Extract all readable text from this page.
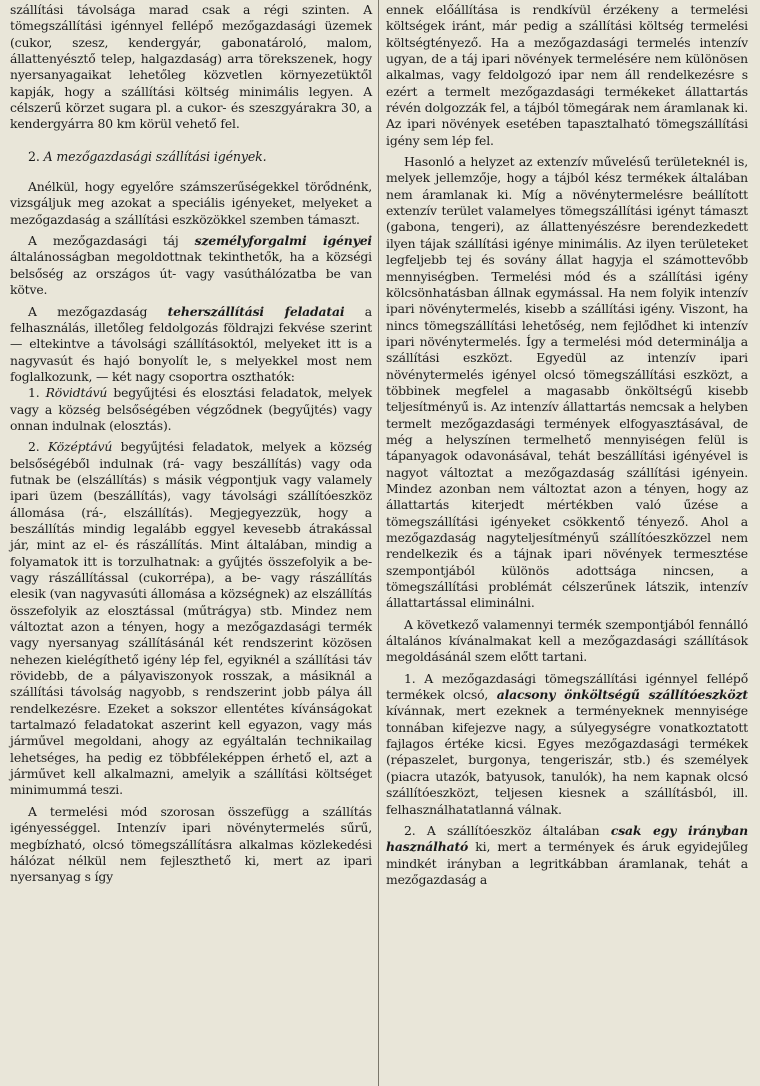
szállítási távolsága marad csak a régi szinten. A tömegszállítási igénnyel fellépő mezőgazdasági üzemek (cukor, szesz, kendergyár, gabonatároló, malom, állattenyésztő telep, halgazdaság) arra törekszenek, hogy nyersanyagaikat lehetőleg közvetlen környezetüktől kapják, hogy a szállítási költség minimális legyen. A célszerű körzet sugara pl. a cukor- és szeszgyárakra 30, a kendergyárra 80 km körül vehető fel.

2. A mezőgazdasági szállítási igények.

Anélkül, hogy egyelőre számszerűségekkel törődnénk, vizsgáljuk meg azokat a speciális igényeket, melyeket a mezőgazdaság a szállítási eszközökkel szemben támaszt.

A mezőgazdasági táj személyforgalmi igényei általánosságban megoldottnak tekinthetők, ha a községi belsőség az országos út- vagy vasúthálózatba be van kötve.

A mezőgazdaság teherszállítási feladatai a felhasználás, illetőleg feldolgozás földrajzi fekvése szerint — eltekintve a távolsági szállításoktól, melyeket itt is a nagyvasút és hajó bonyolít le, s melyekkel most nem foglalkozunk, — két nagy csoportra oszthatók:

1. Rövidtávú begyűjtési és elosztási feladatok, melyek vagy a község belsőségében végződnek (begyűjtés) vagy onnan indulnak (elosztás).

2. Középtávú begyűjtési feladatok, melyek a község belsőségéből indulnak (rá- vagy beszállítás) vagy oda futnak be (elszállítás) s másik végpontjuk vagy valamely ipari üzem (beszállítás), vagy távolsági szállítóeszköz állomása (rá-, elszállítás). Megjegyezzük, hogy a beszállítás mindig legalább eggyel kevesebb átrakással jár, mint az el- és rászállítás. Mint általában, mindig a folyamatok itt is torzulhatnak: a gyűjtés összefolyik a be- vagy rászállítással (cukorrépa), a be- vagy rászállítás elesik (van nagyvasúti állomása a községnek) az elszállítás összefolyik az elosztással (műtrágya) stb. Mindez nem változtat azon a tényen, hogy a mezőgazdasági termék vagy nyersanyag szállításánál két rendszerint közösen nehezen kielégíthető igény lép fel, egyiknél a szállítási táv rövidebb, de a pályaviszonyok rosszak, a másiknál a szállítási távolság nagyobb, s rendszerint jobb pálya áll rendelkezésre. Ezeket a sokszor ellentétes kívánságokat tartalmazó feladatokat aszerint kell egyazon, vagy más járművel megoldani, ahogy az egyáltalán technikailag lehetséges, ha pedig ez többféleképpen érhető el, azt a járművet kell alkalmazni, amelyik a szállítási költséget minimummá teszi.

A termelési mód szorosan összefügg a szállítás igényességgel. Intenzív ipari növénytermelés sűrű, megbízható, olcsó tömegszállításra alkalmas közlekedési hálózat nélkül nem fejleszthető ki, mert az ipari nyersanyag s így

ennek előállítása is rendkívül érzékeny a termelési költségek iránt, már pedig a szállítási költség termelési költségtényező. Ha a mezőgazdasági termelés intenzív ugyan, de a táj ipari növények termelésére nem különösen alkalmas, vagy feldolgozó ipar nem áll rendelkezésre s ezért a termelt mezőgazdasági termékeket állattartás révén dolgozzák fel, a tájból tömegárak nem áramlanak ki. Az ipari növények esetében tapasztalható tömegszállítási igény sem lép fel.

Hasonló a helyzet az extenzív művelésű területeknél is, melyek jellemzője, hogy a tájból kész termékek általában nem áramlanak ki. Míg a növénytermelésre beállított extenzív terület valamelyes tömegszállítási igényt támaszt (gabona, tengeri), az állattenyészésre berendezkedett ilyen tájak szállítási igénye minimális. Az ilyen területeket legfeljebb tej és sovány állat hagyja el számottevőbb mennyiségben. Termelési mód és a szállítási igény kölcsönhatásban állnak egymással. Ha nem folyik intenzív ipari növénytermelés, kisebb a szállítási igény. Viszont, ha nincs tömegszállítási lehetőség, nem fejlődhet ki intenzív ipari növénytermelés. Így a termelési mód determinálja a szállítási eszközt. Egyedül az intenzív ipari növénytermelés igényel olcsó tömegszállítási eszközt, a többinek megfelel a magasabb önköltségű kisebb teljesítményű is. Az intenzív állattartás nemcsak a helyben termelt mezőgazdasági termények elfogyasztásával, de még a helyszínen termelhető mennyiségen felül is tápanyagok odavonásával, tehát beszállítási igényével is nagyot változtat a mezőgazdaság szállítási igényein. Mindez azonban nem változtat azon a tényen, hogy az állattartás kiterjedt mértékben való űzése a tömegszállítási igényeket csökkentő tényező. Ahol a mezőgazdaság nagyteljesítményű szállítóeszközzel nem rendelkezik és a tájnak ipari növények termesztése szempontjából különös adottsága nincsen, a tömegszállítási problémát célszerűnek látszik, intenzív állattartással eliminálni.

A következő valamennyi termék szempontjából fennálló általános kívánalmakat kell a mezőgazdasági szállítások megoldásánál szem előtt tartani.

1. A mezőgazdasági tömegszállítási igénnyel fellépő termékek olcsó, alacsony önköltségű szállítóeszközt kívánnak, mert ezeknek a terményeknek mennyisége tonnában kifejezve nagy, a súlyegységre vonatkoztatott fajlagos értéke kicsi. Egyes mezőgazdasági termékek (répaszelet, burgonya, tengeriszár, stb.) és személyek (piacra utazók, batyusok, tanulók), ha nem kapnak olcsó szállítóeszközt, teljesen kiesnek a szállításból, ill. felhasználhatatlanná válnak.

2. A szállítóeszköz általában csak egy irányban használható ki, mert a termények és áruk egyidejűleg mindkét irányban a legritkábban áramlanak, tehát a mezőgazdaság a
